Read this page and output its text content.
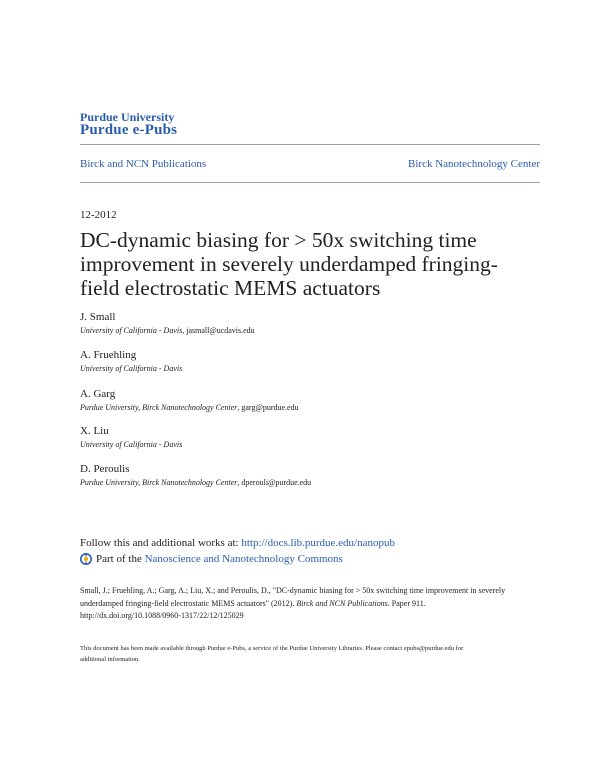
Purdue University
Purdue e-Pubs
Birck and NCN Publications	Birck Nanotechnology Center
12-2012
DC-dynamic biasing for > 50x switching time improvement in severely underdamped fringing-field electrostatic MEMS actuators
J. Small
University of California - Davis, jasmall@ucdavis.edu
A. Fruehling
University of California - Davis
A. Garg
Purdue University, Birck Nanotechnology Center, garg@purdue.edu
X. Liu
University of California - Davis
D. Peroulis
Purdue University, Birck Nanotechnology Center, dperouli@purdue.edu
Follow this and additional works at: http://docs.lib.purdue.edu/nanopub
Part of the Nanoscience and Nanotechnology Commons
Small, J.; Fruehling, A.; Garg, A.; Liu, X.; and Peroulis, D., "DC-dynamic biasing for > 50x switching time improvement in severely
underdamped fringing-field electrostatic MEMS actuators" (2012). Birck and NCN Publications. Paper 911.
http://dx.doi.org/10.1088/0960-1317/22/12/125029
This document has been made available through Purdue e-Pubs, a service of the Purdue University Libraries. Please contact epubs@purdue.edu for
additional information.
